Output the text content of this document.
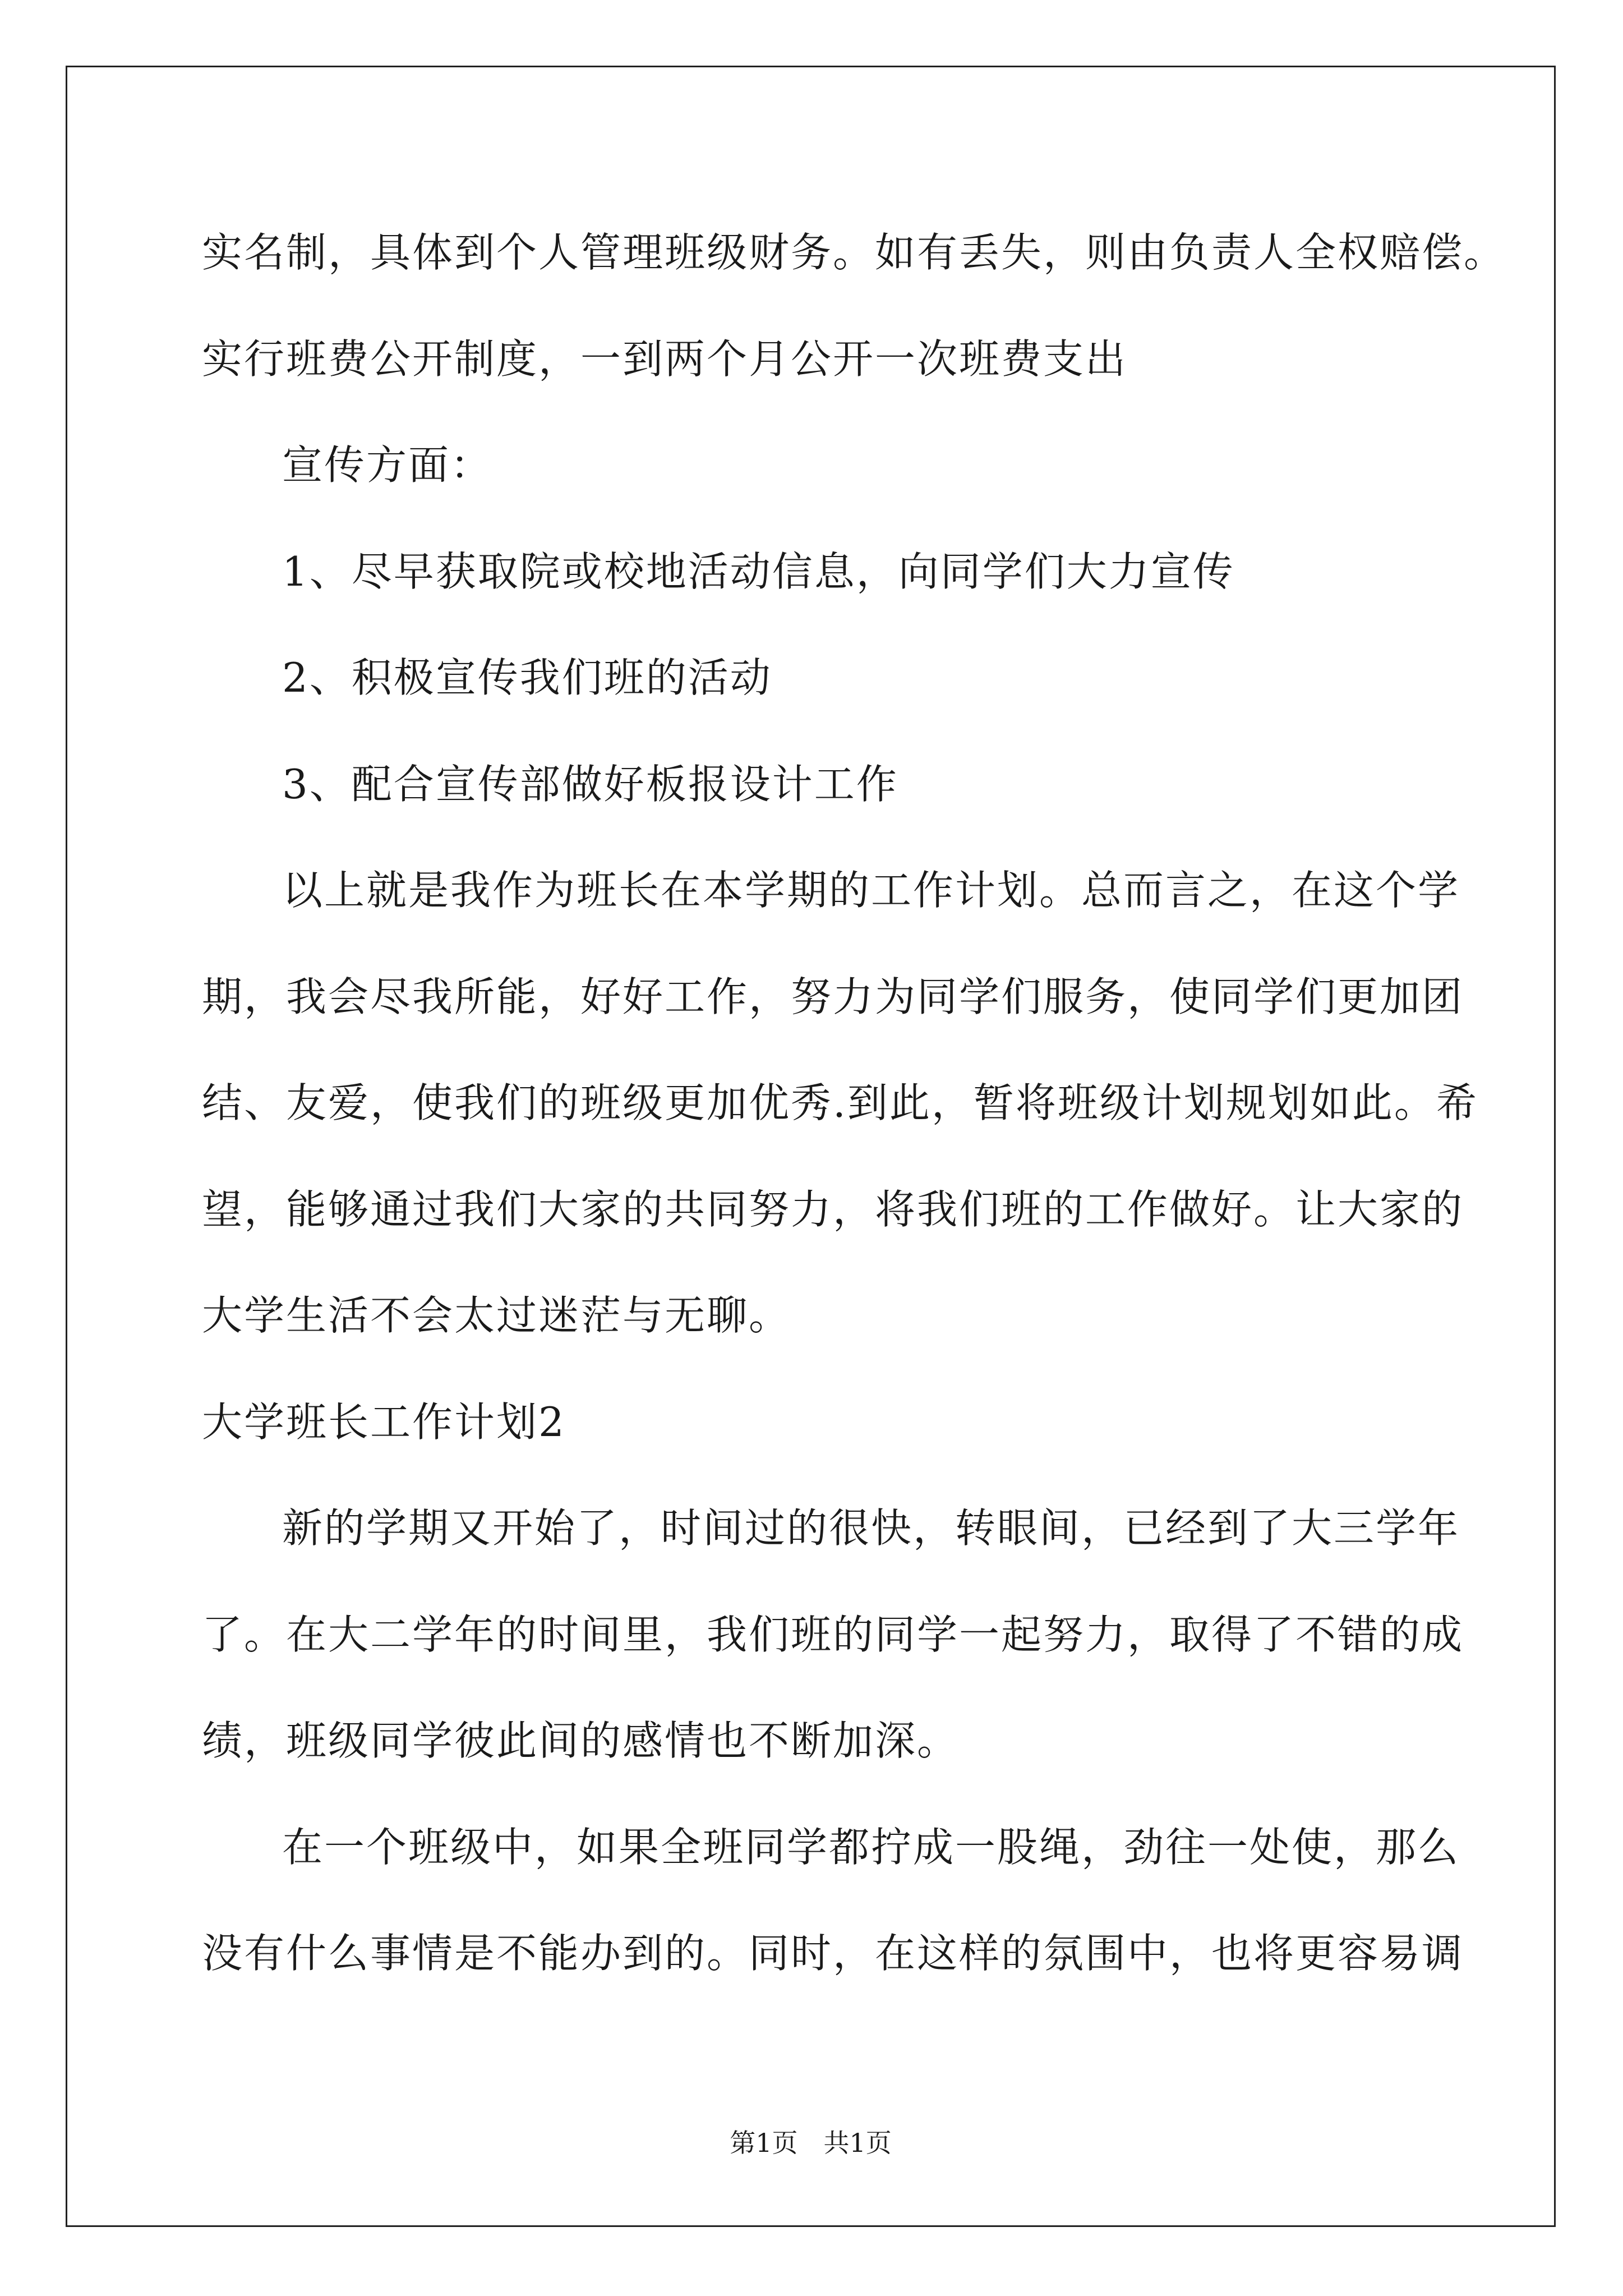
实名制，具体到个人管理班级财务。如有丢失，则由负责人全权赔偿。
实行班费公开制度，一到两个月公开一次班费支出
宣传方面：
1、尽早获取院或校地活动信息，向同学们大力宣传
2、积极宣传我们班的活动
3、配合宣传部做好板报设计工作
以上就是我作为班长在本学期的工作计划。总而言之，在这个学
期，我会尽我所能，好好工作，努力为同学们服务，使同学们更加团
结、友爱，使我们的班级更加优秀.到此，暂将班级计划规划如此。希
望，能够通过我们大家的共同努力，将我们班的工作做好。让大家的
大学生活不会太过迷茫与无聊。
大学班长工作计划2
新的学期又开始了，时间过的很快，转眼间，已经到了大三学年
了。在大二学年的时间里，我们班的同学一起努力，取得了不错的成
绩，班级同学彼此间的感情也不断加深。
在一个班级中，如果全班同学都拧成一股绳，劲往一处使，那么
没有什么事情是不能办到的。同时，在这样的氛围中，也将更容易调
第1页　共1页
